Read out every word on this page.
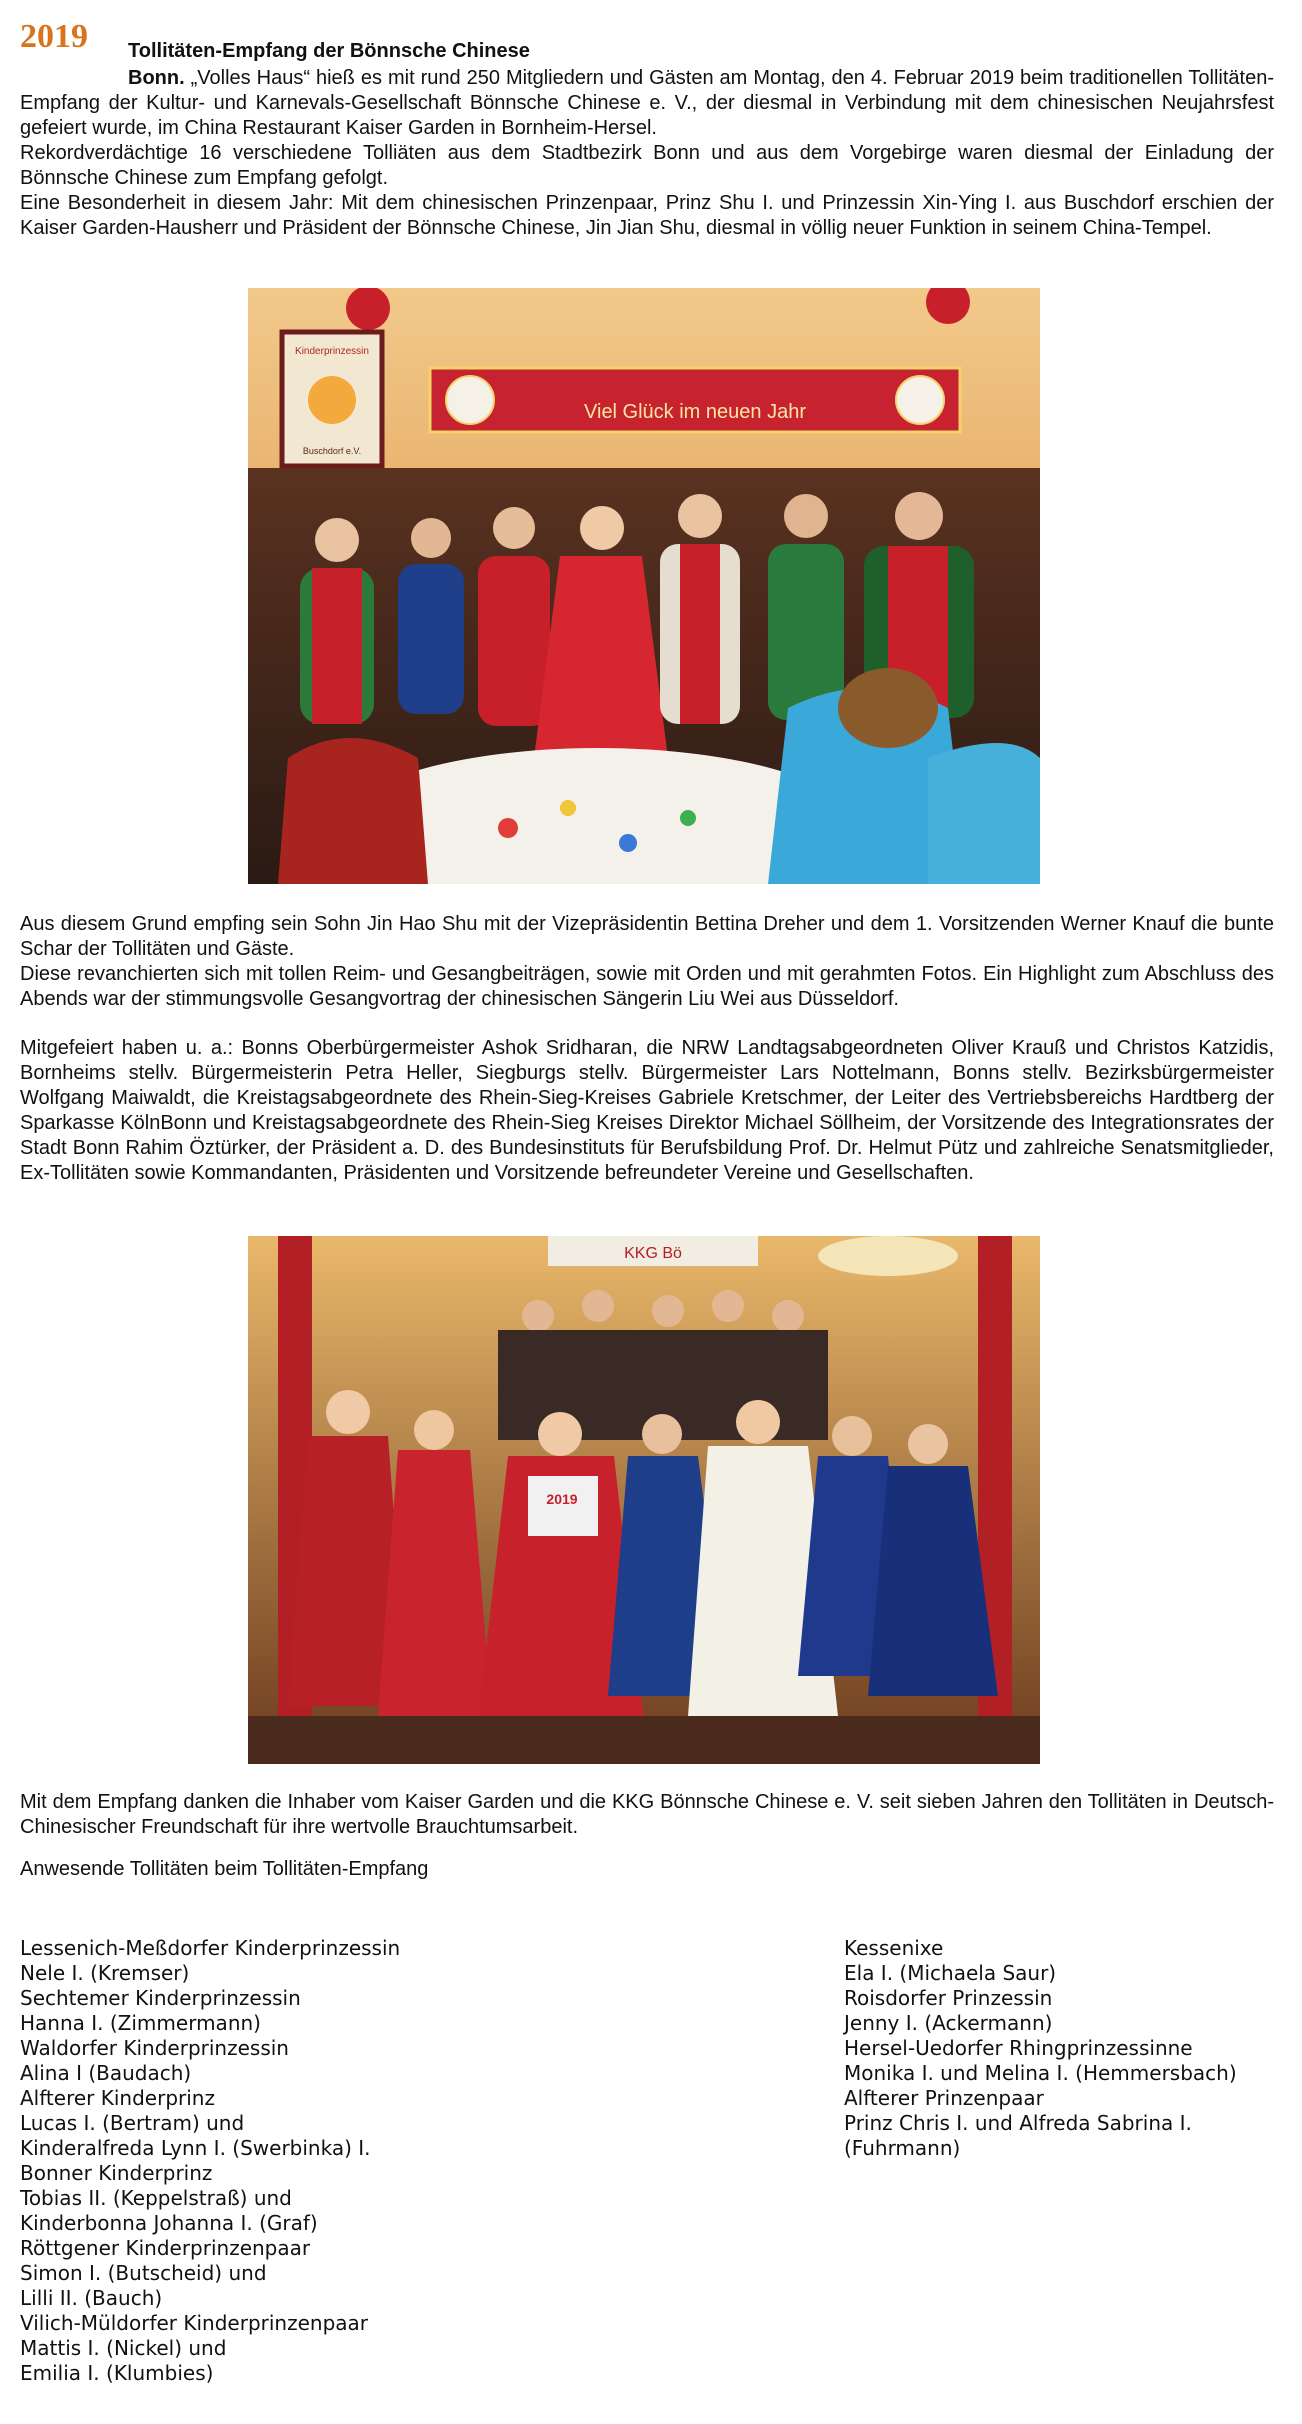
2019 Tollitäten-Empfang der Bönnsche Chinese

Bonn. „Volles Haus“ hieß es mit rund 250 Mitgliedern und Gästen am Montag, den 4. Februar 2019 beim traditionellen Tollitäten-Empfang der Kultur- und Karnevals-Gesellschaft Bönnsche Chinese e. V., der diesmal in Verbindung mit dem chinesischen Neujahrsfest gefeiert wurde, im China Restaurant Kaiser Garden in Bornheim-Hersel.

Rekordverdächtige 16 verschiedene Tolliäten aus dem Stadtbezirk Bonn und aus dem Vorgebirge waren diesmal der Einladung der Bönnsche Chinese zum Empfang gefolgt.

Eine Besonderheit in diesem Jahr: Mit dem chinesischen Prinzenpaar, Prinz Shu I. und Prinzessin Xin-Ying I. aus Buschdorf erschien der Kaiser Garden-Hausherr und Präsident der Bönnsche Chinese, Jin Jian Shu, diesmal in völlig neuer Funktion in seinem China-Tempel.

Viel Glück im neuen Jahr
Kinderprinzessin
Buschdorf e.V.

Aus diesem Grund empfing sein Sohn Jin Hao Shu mit der Vizepräsidentin Bettina Dreher und dem 1. Vorsitzenden Werner Knauf die bunte Schar der Tollitäten und Gäste.

Diese revanchierten sich mit tollen Reim- und Gesangbeiträgen, sowie mit Orden und mit gerahmten Fotos. Ein Highlight zum Abschluss des Abends war der stimmungsvolle Gesangvortrag der chinesischen Sängerin Liu Wei aus Düsseldorf.

Mitgefeiert haben u. a.: Bonns Oberbürgermeister Ashok Sridharan, die NRW Landtagsabgeordneten Oliver Krauß und Christos Katzidis, Bornheims stellv. Bürgermeisterin Petra Heller, Siegburgs stellv. Bürgermeister Lars Nottelmann, Bonns stellv. Bezirksbürgermeister Wolfgang Maiwaldt, die Kreistagsabgeordnete des Rhein-Sieg-Kreises Gabriele Kretschmer, der Leiter des Vertriebsbereichs Hardtberg der Sparkasse KölnBonn und Kreistagsabgeordnete des Rhein-Sieg Kreises Direktor Michael Söllheim, der Vorsitzende des Integrationsrates der Stadt Bonn Rahim Öztürker, der Präsident a. D. des Bundesinstituts für Berufsbildung Prof. Dr. Helmut Pütz und zahlreiche Senatsmitglieder, Ex-Tollitäten sowie Kommandanten, Präsidenten und Vorsitzende befreundeter Vereine und Gesellschaften.

KKG Bö
2019

Mit dem Empfang danken die Inhaber vom Kaiser Garden und die KKG Bönnsche Chinese e. V. seit sieben Jahren den Tollitäten in Deutsch-Chinesischer Freundschaft für ihre wertvolle Brauchtumsarbeit.

Anwesende Tollitäten beim Tollitäten-Empfang
Lessenich-Meßdorfer Kinderprinzessin
Nele I. (Kremser)
Sechtemer Kinderprinzessin
Hanna I. (Zimmermann)
Waldorfer Kinderprinzessin
Alina I (Baudach)
Alfterer Kinderprinz
Lucas I. (Bertram) und
Kinderalfreda Lynn I. (Swerbinka) I.
Bonner Kinderprinz
Tobias II. (Keppelstraß) und
Kinderbonna Johanna I. (Graf)
Röttgener Kinderprinzenpaar
Simon I. (Butscheid) und
Lilli II. (Bauch)
Vilich-Müldorfer Kinderprinzenpaar
Mattis I. (Nickel) und
Emilia I. (Klumbies)
Kessenixe
Ela I. (Michaela Saur)
Roisdorfer Prinzessin
Jenny I. (Ackermann)
Hersel-Uedorfer Rhingprinzessinne
Monika I. und Melina I. (Hemmersbach)
Alfterer Prinzenpaar
Prinz Chris I. und Alfreda Sabrina I.
(Fuhrmann)
